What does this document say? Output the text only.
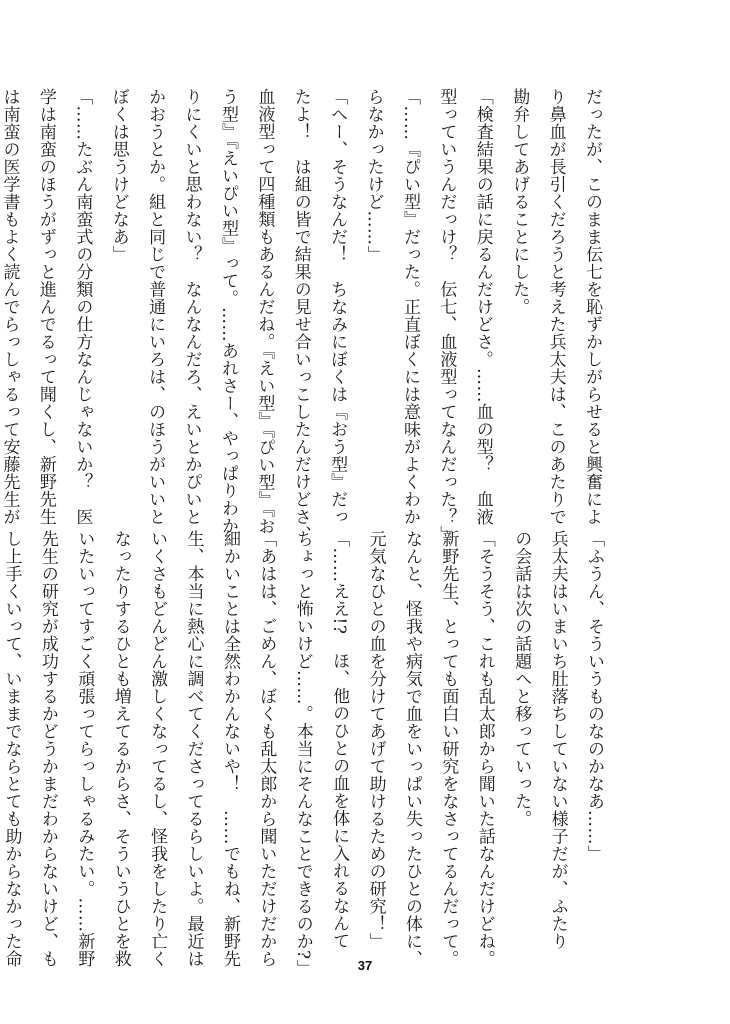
だったが、このまま伝七を恥ずかしがらせると興奮によ
り鼻血が長引くだろうと考えた兵太夫は、このあたりで
勘弁してあげることにした。
「検査結果の話に戻るんだけどさ。……血の型？　血液
型っていうんだっけ？　伝七、血液型ってなんだった？」
「……『ぴい型』だった。正直ぼくには意味がよくわか
らなかったけど……」
「へー、そうなんだ！　ちなみにぼくは『おう型』だっ
たよ！　は組の皆で結果の見せ合いっこしたんだけどさ、
血液型って四種類もあるんだね。『えい型』『ぴい型』『お
う型』『えいぴい型』って。……あれさー、やっぱりわか
りにくいと思わない？　なんなんだろ、えいとかぴいと
かおうとか。組と同じで普通にいろは、のほうがいいと
ぼくは思うけどなあ」
「……たぶん南蛮式の分類の仕方なんじゃないか？　医
学は南蛮のほうがずっと進んでるって聞くし、新野先生
は南蛮の医学書もよく読んでらっしゃるって安藤先生が
「ふうん、そういうものなのかなあ……」
兵太夫はいまいち肚落ちしていない様子だが、ふたり
の会話は次の話題へと移っていった。
「そうそう、これも乱太郎から聞いた話なんだけどね。
新野先生、とっても面白い研究をなさってるんだって。
なんと、怪我や病気で血をいっぱい失ったひとの体に、
元気なひとの血を分けてあげて助けるための研究！」
「……ええ!?　ほ、他のひとの血を体に入れるなんて
ちょっと怖いけど……。本当にそんなことできるのか?」
「あはは、ごめん、ぼくも乱太郎から聞いただけだから
細かいことは全然わかんないや！　……でもね、新野先
生、本当に熱心に調べてくださってるらしいよ。最近は
いくさもどんどん激しくなってるし、怪我をしたり亡く
なったりするひとも増えてるからさ、そういうひとを救
いたいってすごく頑張ってらっしゃるみたい。……新野
先生の研究が成功するかどうかまだわからないけど、も
し上手くいって、いままでならとても助からなかった命	37
